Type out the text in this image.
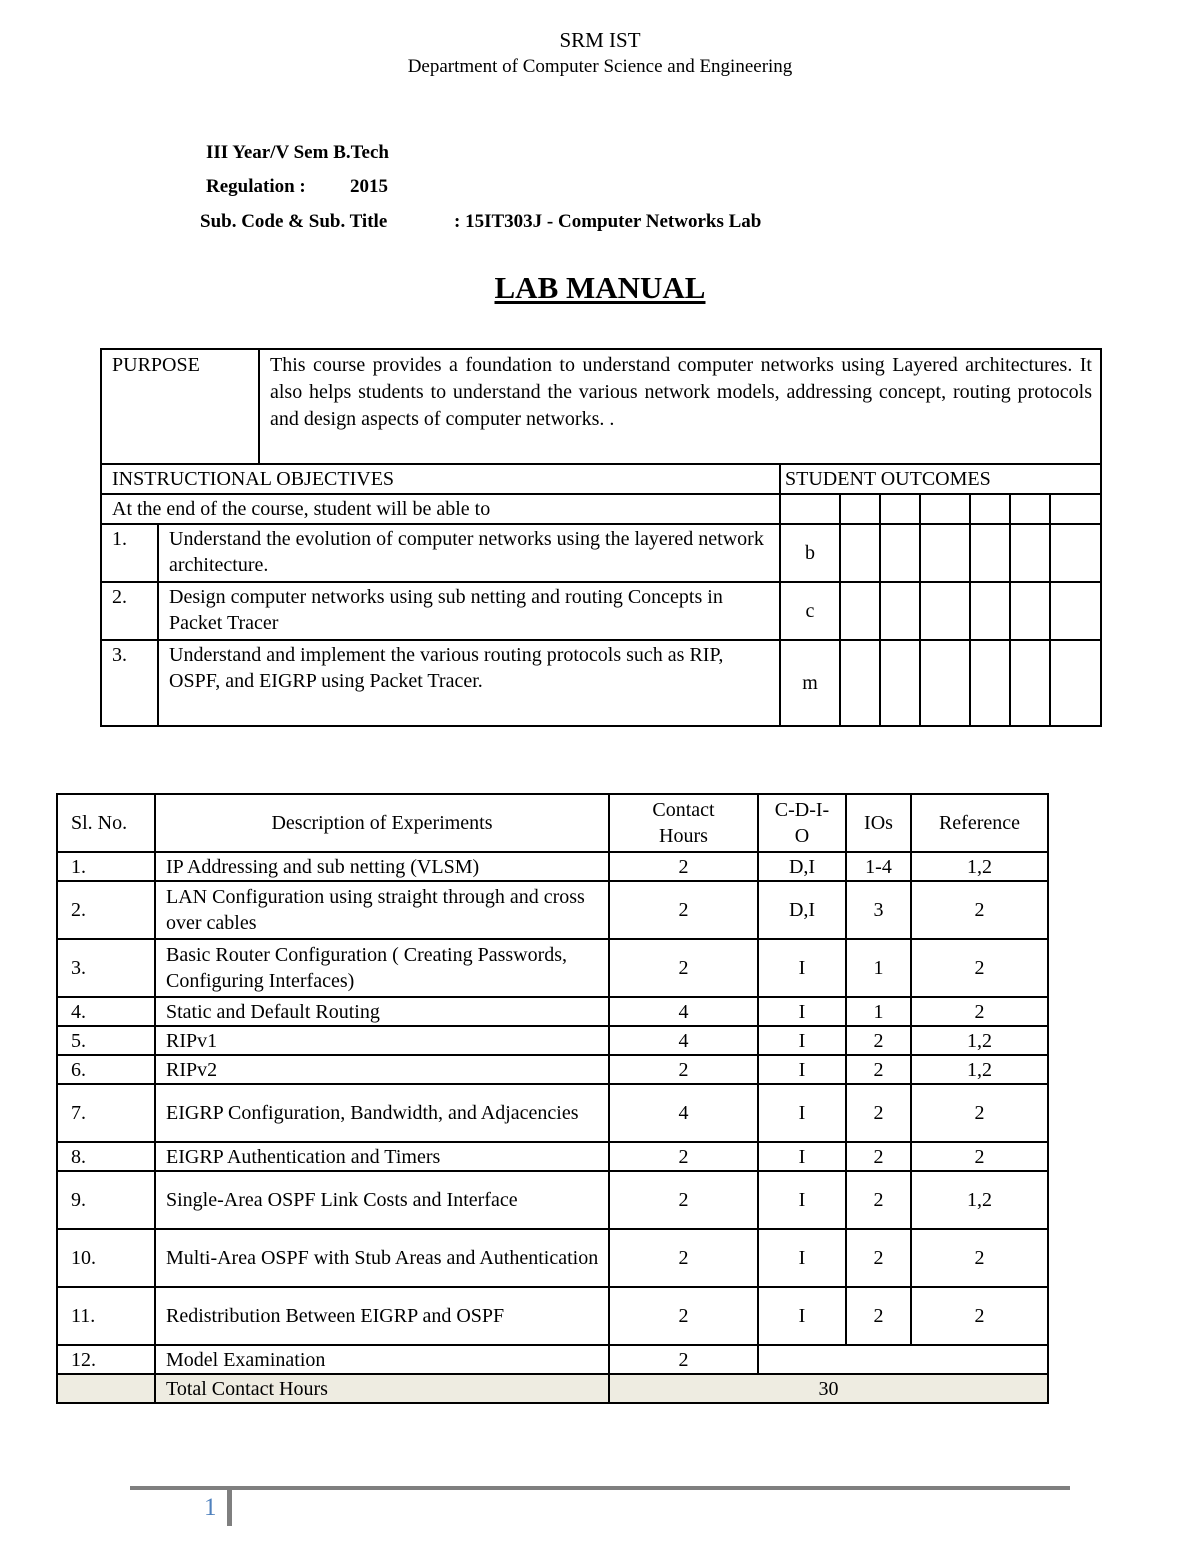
SRM IST
Department of Computer Science and Engineering
III Year/V Sem B.Tech
Regulation : 2015
Sub. Code & Sub. Title	: 15IT303J - Computer Networks Lab
LAB MANUAL
PURPOSE		This course provides a foundation to understand computer networks using Layered architectures. It also helps students to understand the various network models, addressing concept, routing protocols and design aspects of computer networks. .							
INSTRUCTIONAL OBJECTIVES			STUDENT OUTCOMES						
At the end of the course, student will be able to									
1.	Understand the evolution of computer networks using the layered network architecture.		b						
2.	Design computer networks using sub netting and routing Concepts in Packet Tracer		c						
3.	Understand and implement the various routing protocols such as RIP, OSPF, and EIGRP using Packet Tracer.		m						
Sl. No.	Description of Experiments	Contact Hours	C-D-I-O	IOs	Reference
1.	IP Addressing and sub netting (VLSM)	2	D,I	1-4	1,2
2.	LAN Configuration using straight through and cross over cables	2	D,I	3	2
3.	Basic Router Configuration ( Creating Passwords, Configuring Interfaces)	2	I	1	2
4.	Static and Default Routing	4	I	1	2
5.	RIPv1	4	I	2	1,2
6.	RIPv2	2	I	2	1,2
7.	EIGRP Configuration, Bandwidth, and Adjacencies	4	I	2	2
8.	EIGRP Authentication and Timers	2	I	2	2
9.	Single-Area OSPF Link Costs and Interface	2	I	2	1,2
10.	Multi-Area OSPF with Stub Areas and Authentication	2	I	2	2
11.	Redistribution Between EIGRP and OSPF	2	I	2	2
12.	Model Examination	2			
	Total Contact Hours	30			
1
